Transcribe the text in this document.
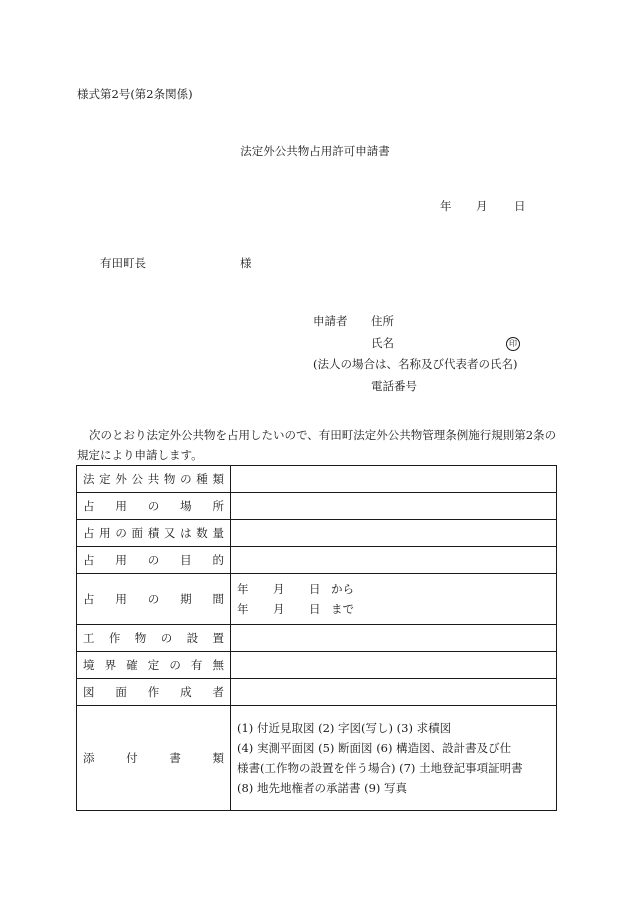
様式第2号(第2条関係)
法定外公共物占用許可申請書
年 月 日
有田町長	様
申請者 住所
氏名	印
(法人の場合は、名称及び代表者の氏名)
電話番号
次のとおり法定外公共物を占用したいので、有田町法定外公共物管理条例施行規則第2条の規定により申請します。
法定外公共物の種類	
占用の場所	
占用の面積又は数量	
占用の目的	
占用の期間	年 月 日 から
年 月 日 まで

工作物の設置	
境界確定の有無	
図面作成者	
添付書類	(1) 付近見取図 (2) 字図(写し) (3) 求積図
(4) 実測平面図 (5) 断面図 (6) 構造図、設計書及び仕
様書(工作物の設置を伴う場合) (7) 土地登記事項証明書
(8) 地先地権者の承諾書 (9) 写真
